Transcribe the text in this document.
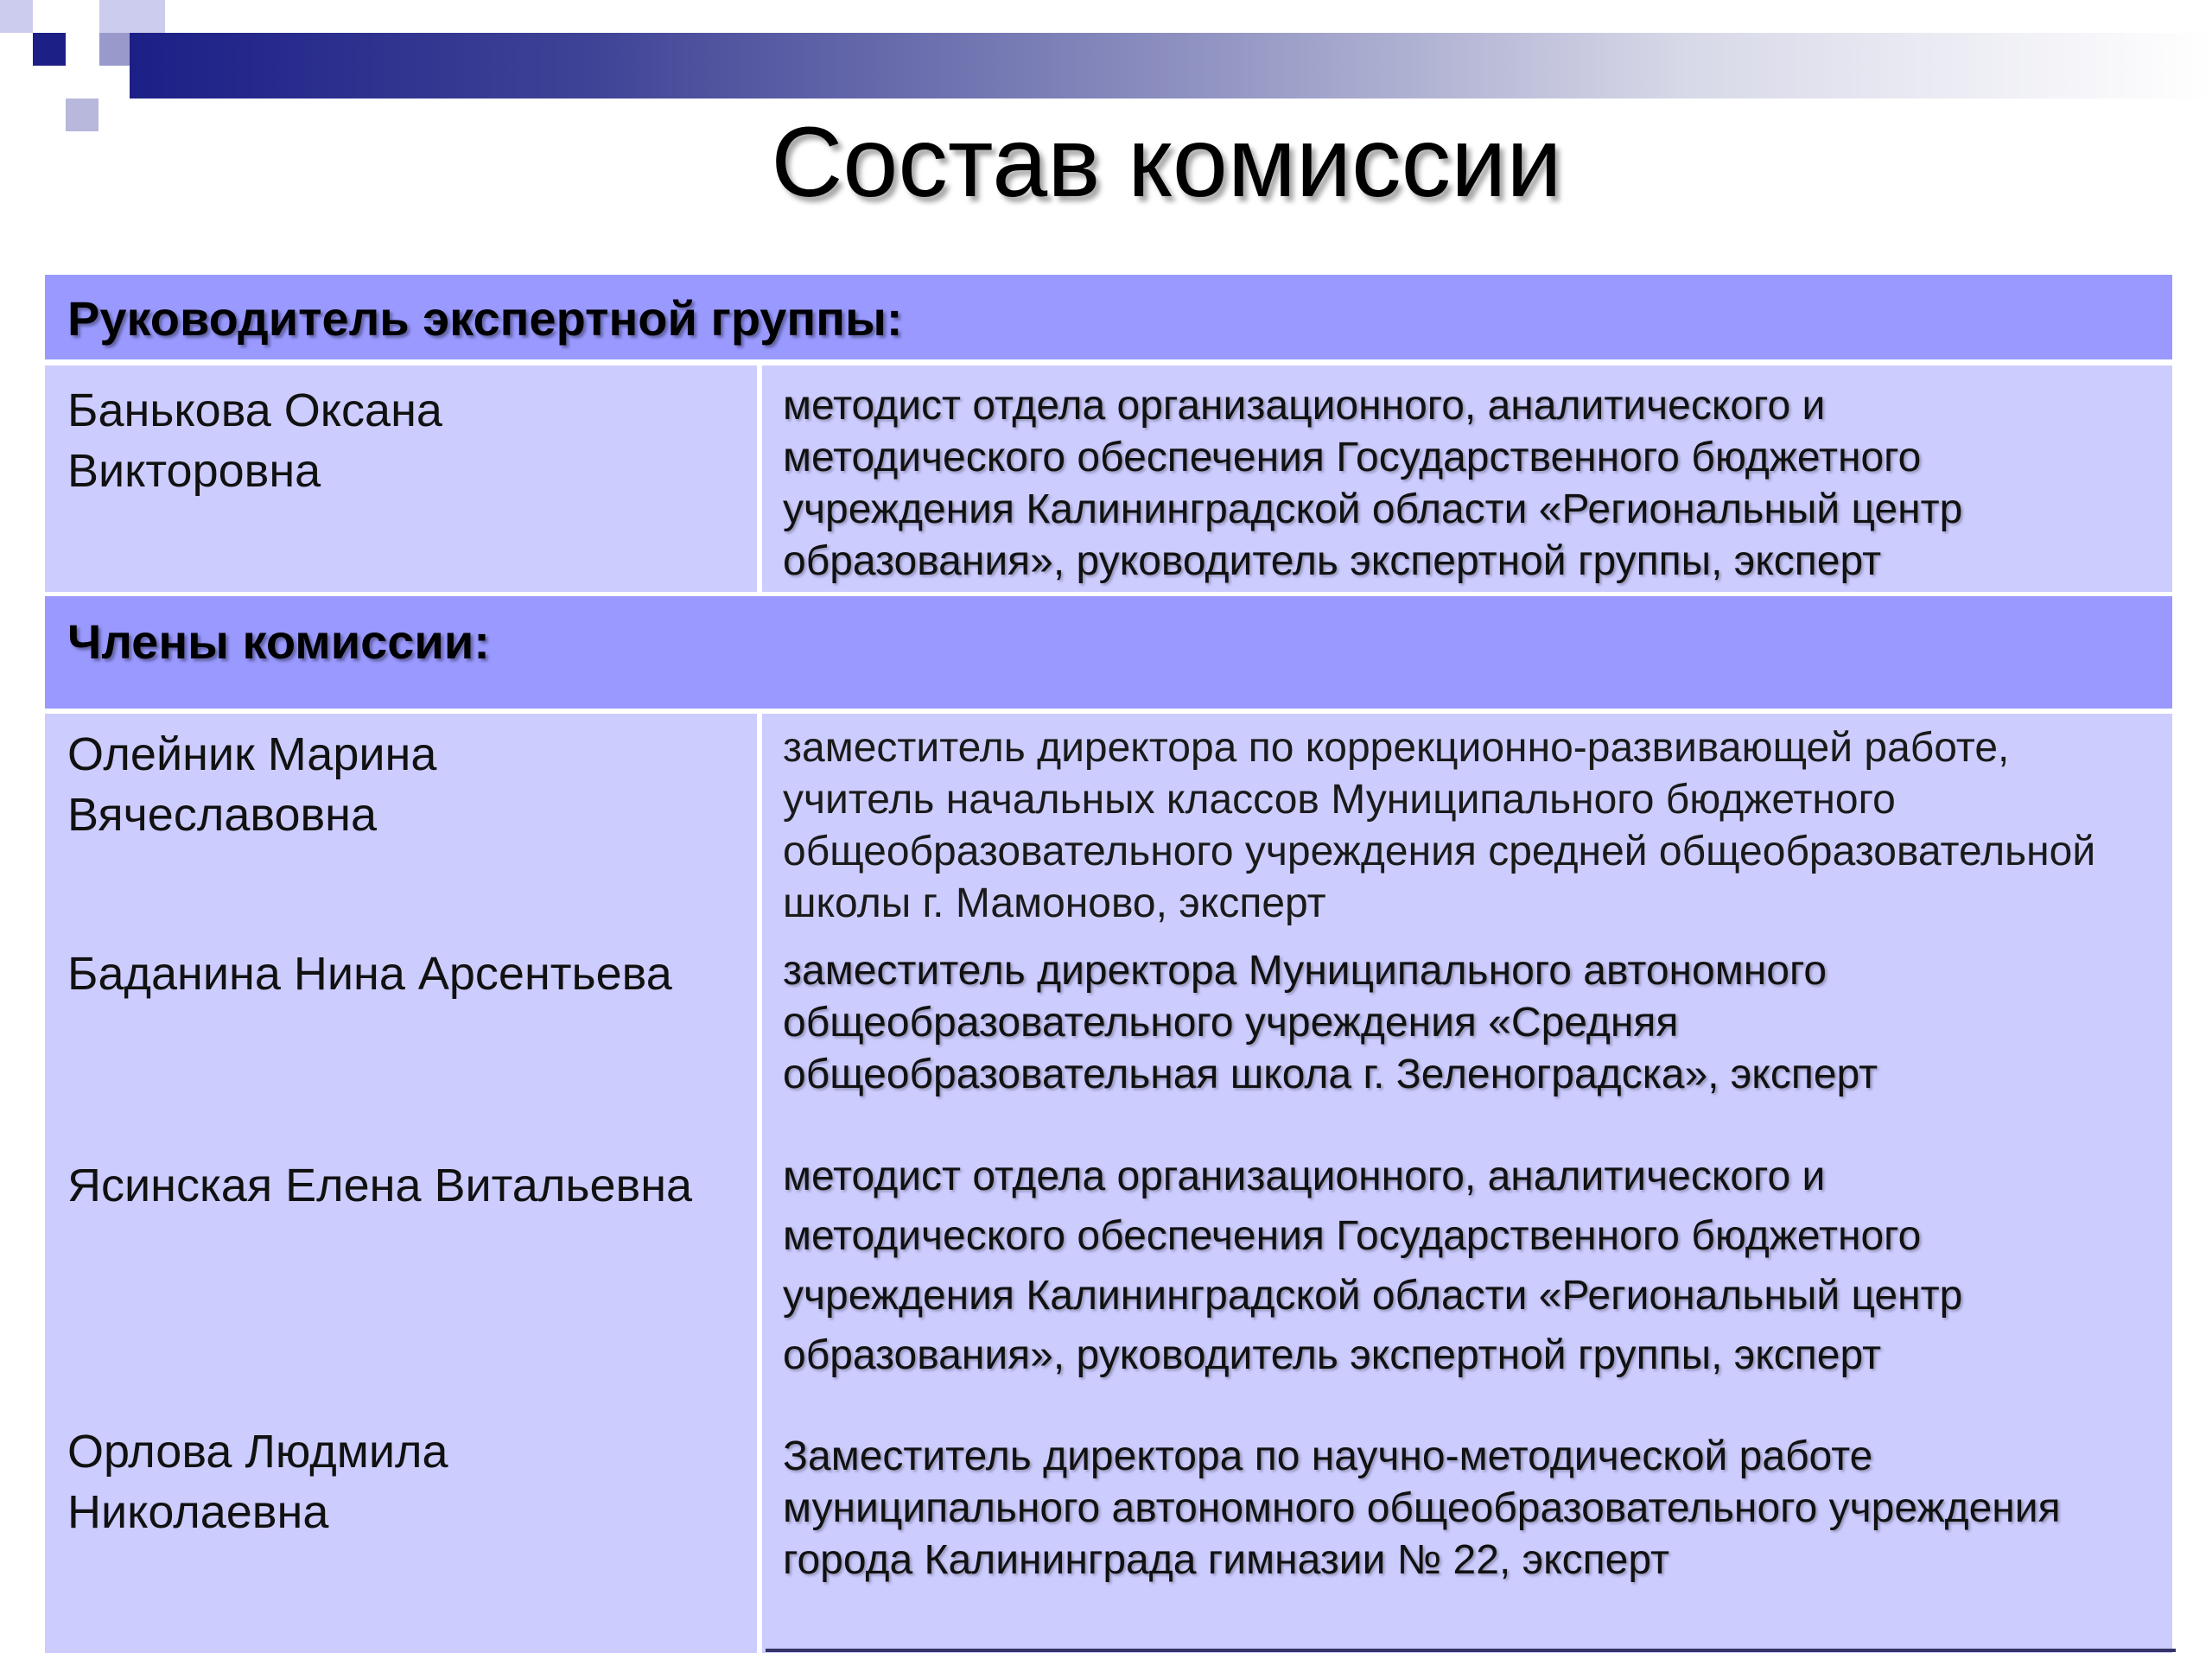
Состав комиссии
Руководитель экспертной группы:
Банькова Оксана
Викторовна
методист отдела организационного, аналитического и
методического обеспечения Государственного бюджетного
учреждения Калининградской области «Региональный центр
образования», руководитель экспертной группы, эксперт
Члены комиссии:
Олейник Марина
Вячеславовна
заместитель директора по коррекционно-развивающей работе,
учитель начальных классов Муниципального бюджетного
общеобразовательного учреждения средней общеобразовательной
школы г. Мамоново, эксперт
Баданина Нина Арсентьева	заместитель директора Муниципального автономного
общеобразовательного учреждения «Средняя
общеобразовательная школа г. Зеленоградска», эксперт
Ясинская Елена Витальевна методист отдела организационного, аналитического и
методического обеспечения Государственного бюджетного
учреждения Калининградской области «Региональный центр
образования», руководитель экспертной группы, эксперт
Орлова Людмила
Николаевна
Заместитель директора по научно-методической работе
муниципального автономного общеобразовательного учреждения
города Калининграда гимназии № 22, эксперт
